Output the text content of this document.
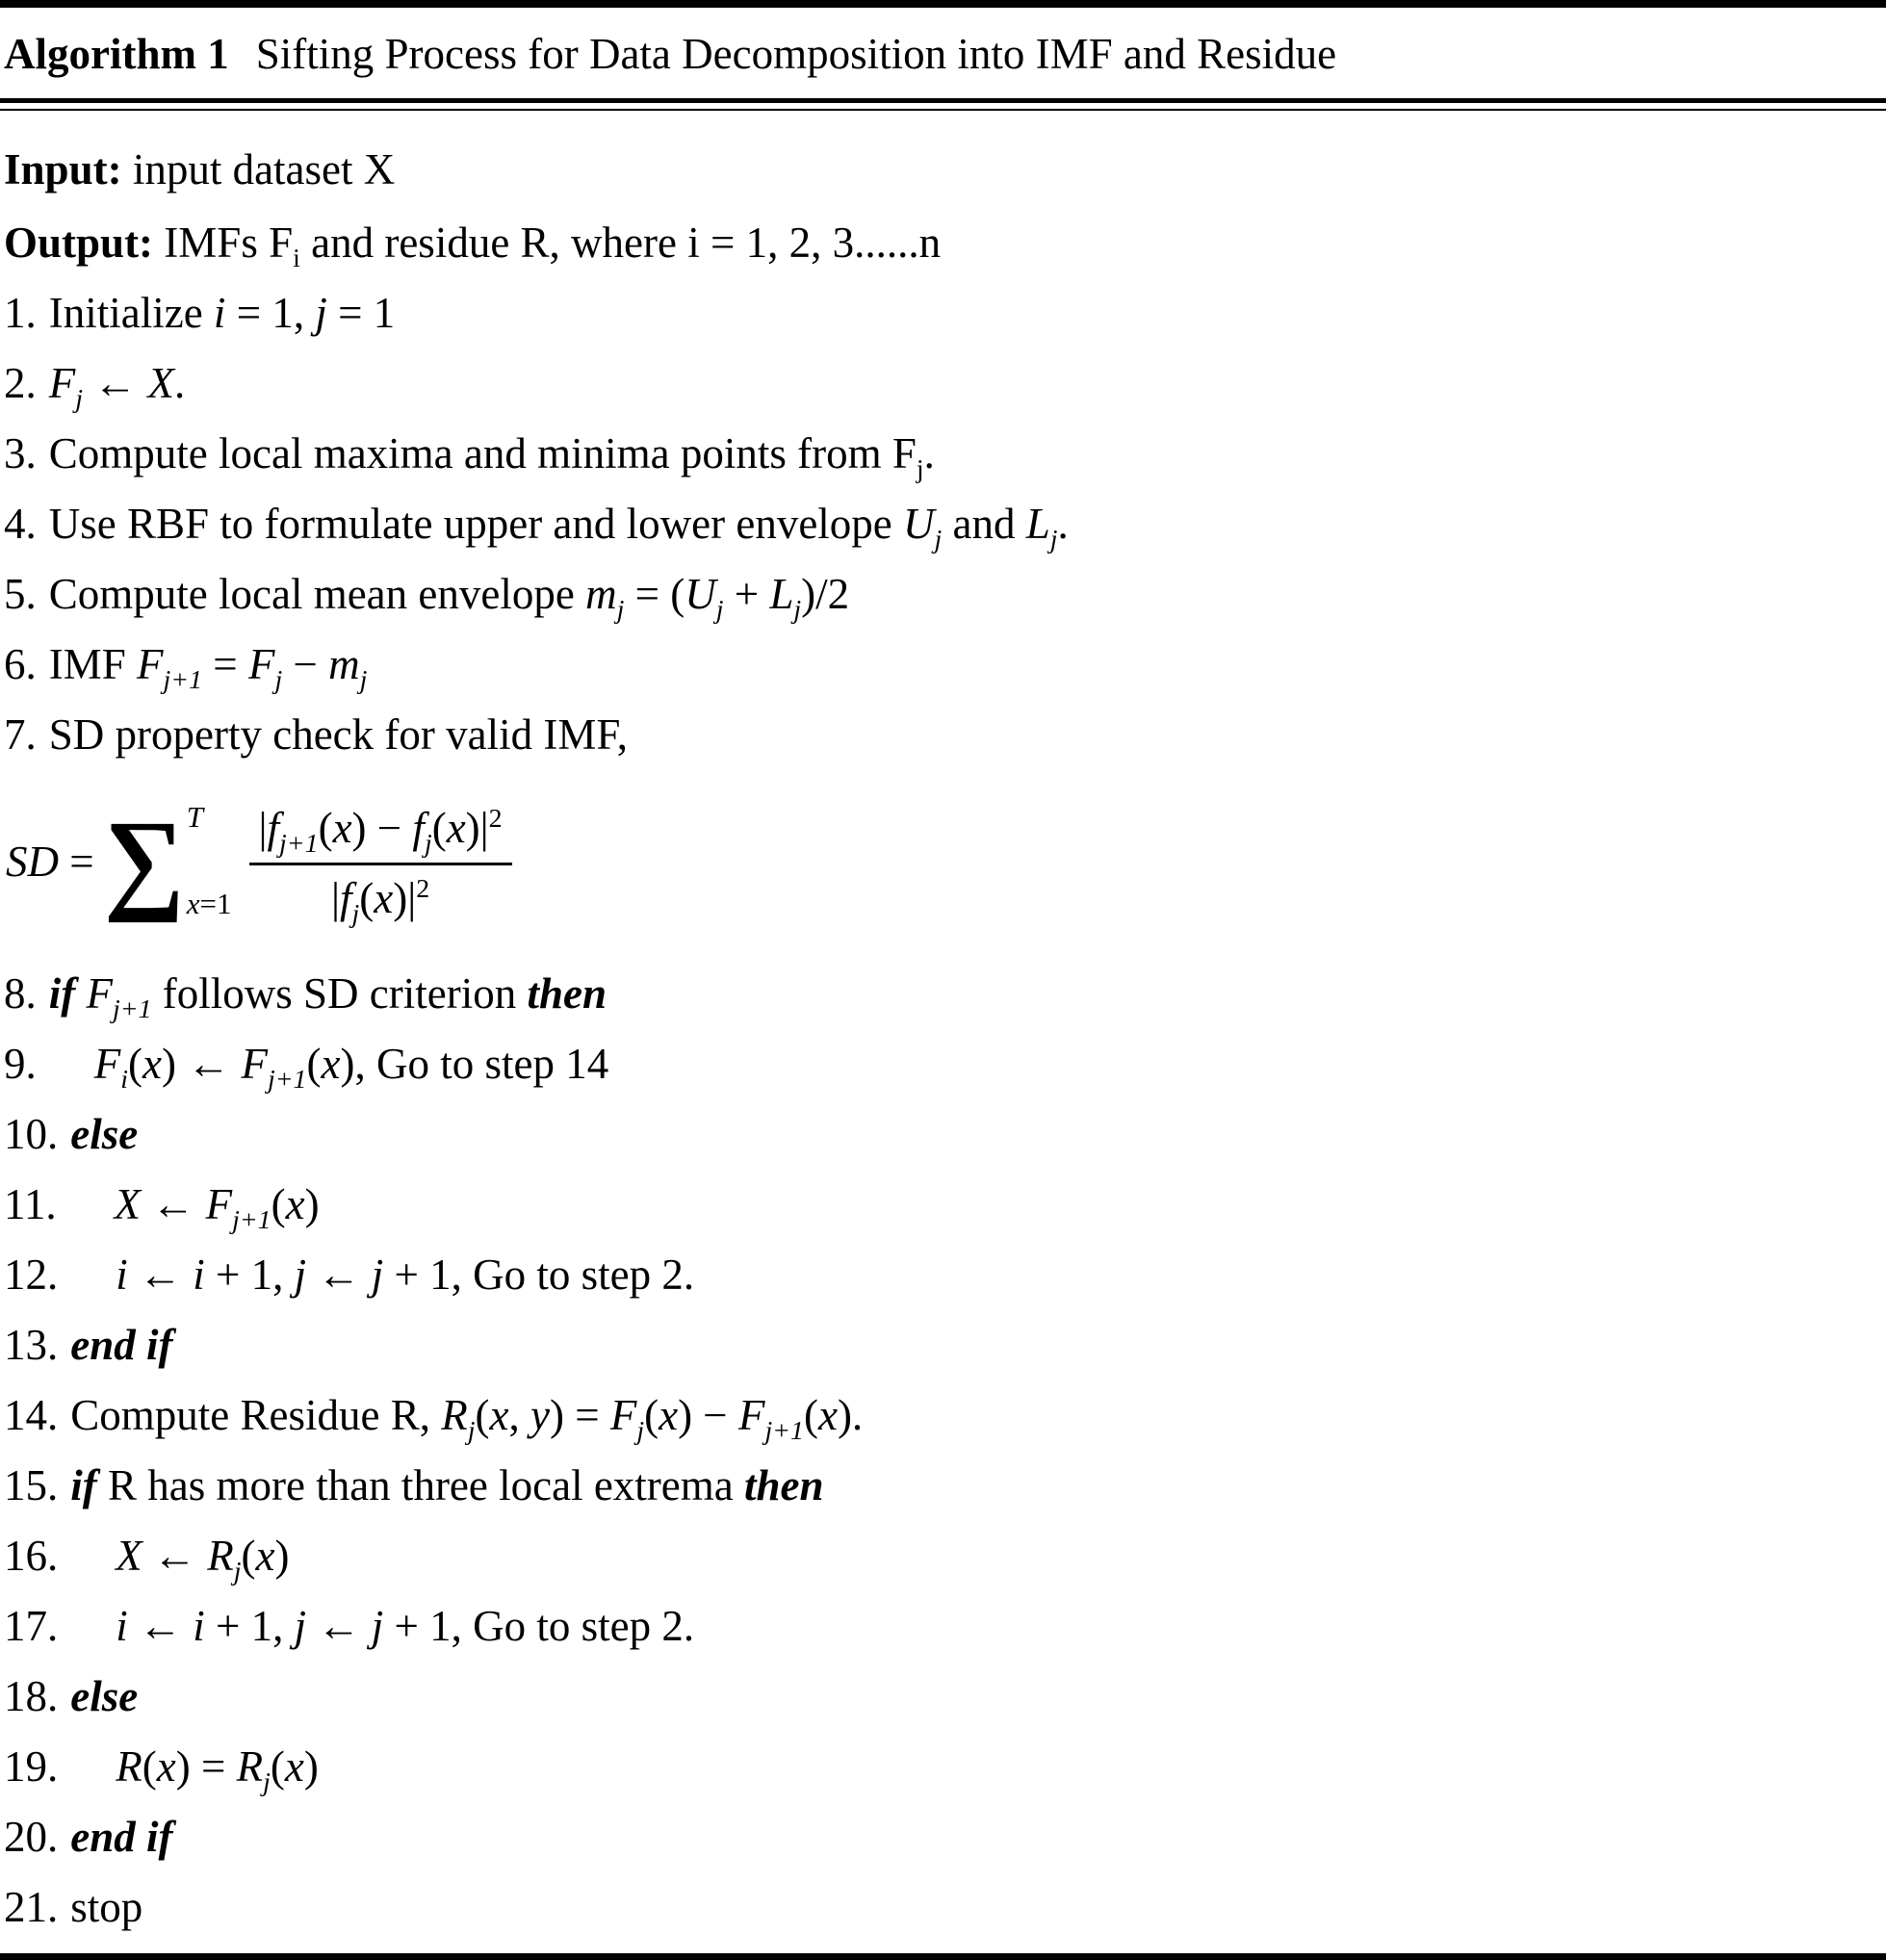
Algorithm 1 Sifting Process for Data Decomposition into IMF and Residue
Input: input dataset X
Output: IMFs $F_i$ and residue R, where i = 1, 2, 3......n
1. Initialize i = 1, j = 1
2. $F_j$ ← X.
3. Compute local maxima and minima points from $F_j$.
4. Use RBF to formulate upper and lower envelope $U_j$ and $L_j$.
5. Compute local mean envelope $m_j = (U_j + L_j)/2$
6. IMF $F_{j+1} = F_j - m_j$
7. SD property check for valid IMF,
SD = ∑ T
$x=1 \frac{|f_{j+1}(x) - f_j(x)|^2}{|f_j(x)|^2}$
8. if $F_{j+1}$ follows SD criterion then
9. $F_i(x)$ ← $F_{j+1}(x)$, Go to step 14
10. else
11. X ← $F_{j+1}(x)$
12. i ← i + 1, j ← j + 1, Go to step 2.
13. end if
14. Compute Residue R, $R_j(x$, $y) = F_j(x) - F_{j+1}(x)$.
15. if R has more than three local extrema then
16. X ← $R_j(x)$
17. i ← i + 1, j ← j + 1, Go to step 2.
18. else
19. $R(x) = R_j(x)$
20. end if
21. stop
